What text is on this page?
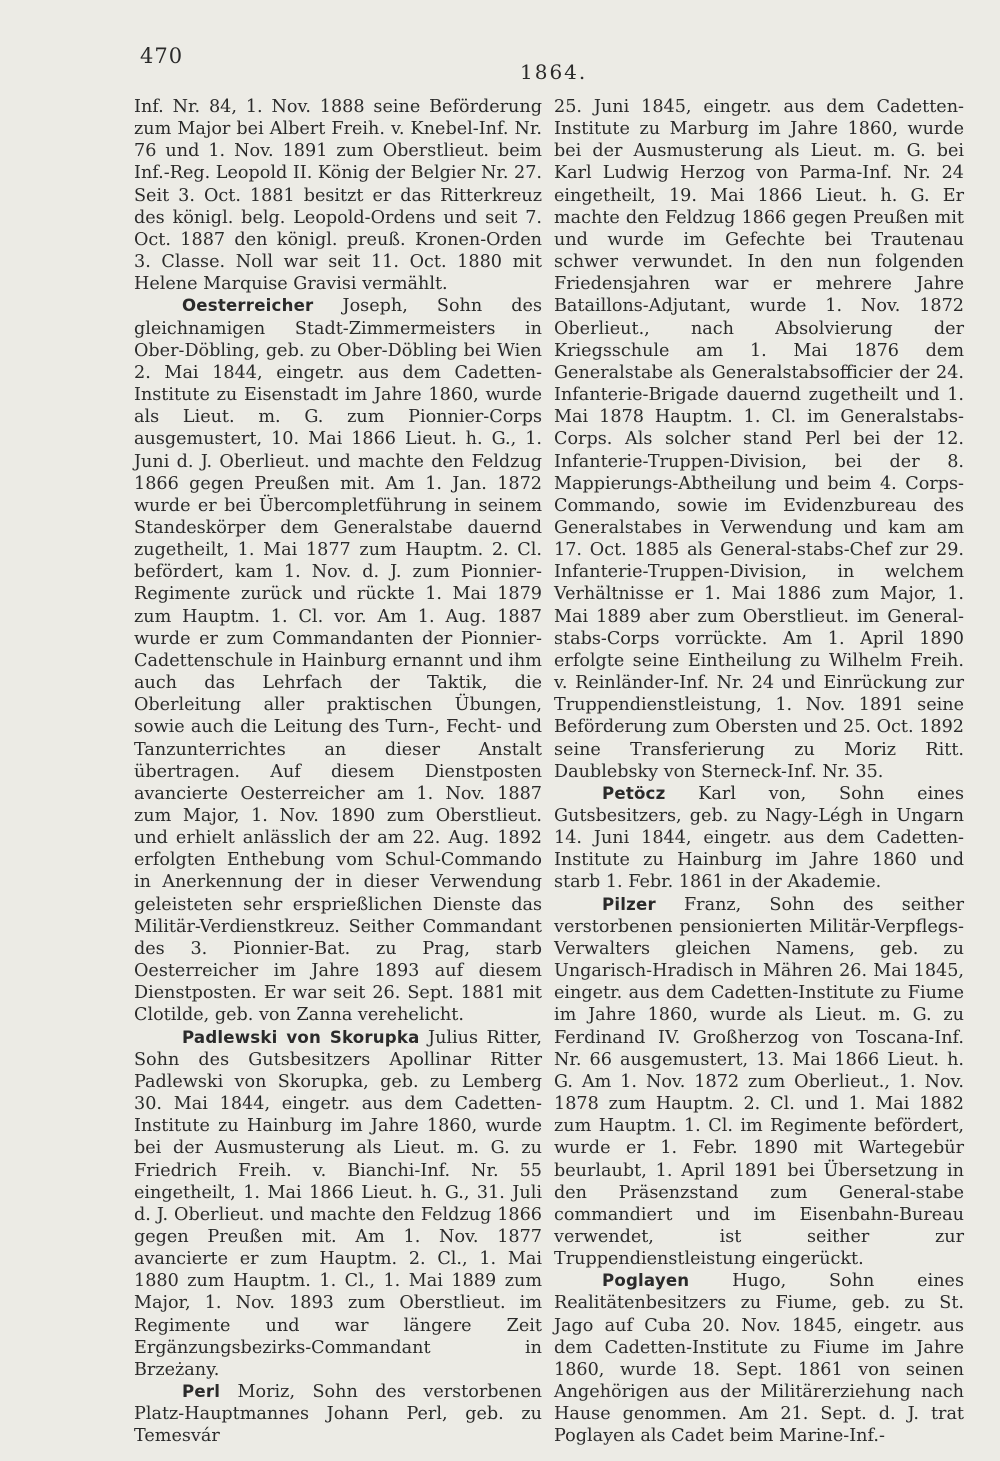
470
1864.

Inf. Nr. 84, 1. Nov. 1888 seine Beförderung zum Major bei Albert Freih. v. Knebel-Inf. Nr. 76 und 1. Nov. 1891 zum Oberstlieut. beim Inf.-Reg. Leopold II. König der Belgier Nr. 27. Seit 3. Oct. 1881 besitzt er das Ritterkreuz des königl. belg. Leopold-Ordens und seit 7. Oct. 1887 den königl. preuß. Kronen-Orden 3. Classe. Noll war seit 11. Oct. 1880 mit Helene Marquise Gravisi vermählt.

Oesterreicher Joseph, Sohn des gleichnamigen Stadt-Zimmermeisters in Ober-Döbling, geb. zu Ober-Döbling bei Wien 2. Mai 1844, eingetr. aus dem Cadetten-Institute zu Eisenstadt im Jahre 1860, wurde als Lieut. m. G. zum Pionnier-Corps ausgemustert, 10. Mai 1866 Lieut. h. G., 1. Juni d. J. Oberlieut. und machte den Feldzug 1866 gegen Preußen mit. Am 1. Jan. 1872 wurde er bei Übercompletführung in seinem Standeskörper dem Generalstabe dauernd zugetheilt, 1. Mai 1877 zum Hauptm. 2. Cl. befördert, kam 1. Nov. d. J. zum Pionnier-Regimente zurück und rückte 1. Mai 1879 zum Hauptm. 1. Cl. vor. Am 1. Aug. 1887 wurde er zum Commandanten der Pionnier-Cadettenschule in Hainburg ernannt und ihm auch das Lehrfach der Taktik, die Oberleitung aller praktischen Übungen, sowie auch die Leitung des Turn-, Fecht- und Tanzunterrichtes an dieser Anstalt übertragen. Auf diesem Dienstposten avancierte Oesterreicher am 1. Nov. 1887 zum Major, 1. Nov. 1890 zum Oberstlieut. und erhielt anlässlich der am 22. Aug. 1892 erfolgten Enthebung vom Schul-Commando in Anerkennung der in dieser Verwendung geleisteten sehr ersprießlichen Dienste das Militär-Verdienstkreuz. Seither Commandant des 3. Pionnier-Bat. zu Prag, starb Oesterreicher im Jahre 1893 auf diesem Dienstposten. Er war seit 26. Sept. 1881 mit Clotilde, geb. von Zanna verehelicht.

Padlewski von Skorupka Julius Ritter, Sohn des Gutsbesitzers Apollinar Ritter Padlewski von Skorupka, geb. zu Lemberg 30. Mai 1844, eingetr. aus dem Cadetten-Institute zu Hainburg im Jahre 1860, wurde bei der Ausmusterung als Lieut. m. G. zu Friedrich Freih. v. Bianchi-Inf. Nr. 55 eingetheilt, 1. Mai 1866 Lieut. h. G., 31. Juli d. J. Oberlieut. und machte den Feldzug 1866 gegen Preußen mit. Am 1. Nov. 1877 avancierte er zum Hauptm. 2. Cl., 1. Mai 1880 zum Hauptm. 1. Cl., 1. Mai 1889 zum Major, 1. Nov. 1893 zum Oberstlieut. im Regimente und war längere Zeit Ergänzungsbezirks-Commandant in Brzeżany.

Perl Moriz, Sohn des verstorbenen Platz-Hauptmannes Johann Perl, geb. zu Temesvár

25. Juni 1845, eingetr. aus dem Cadetten-Institute zu Marburg im Jahre 1860, wurde bei der Ausmusterung als Lieut. m. G. bei Karl Ludwig Herzog von Parma-Inf. Nr. 24 eingetheilt, 19. Mai 1866 Lieut. h. G. Er machte den Feldzug 1866 gegen Preußen mit und wurde im Gefechte bei Trautenau schwer verwundet. In den nun folgenden Friedensjahren war er mehrere Jahre Bataillons-Adjutant, wurde 1. Nov. 1872 Oberlieut., nach Absolvierung der Kriegsschule am 1. Mai 1876 dem Generalstabe als Generalstabsofficier der 24. Infanterie-Brigade dauernd zugetheilt und 1. Mai 1878 Hauptm. 1. Cl. im Generalstabs-Corps. Als solcher stand Perl bei der 12. Infanterie-Truppen-Division, bei der 8. Mappierungs-Abtheilung und beim 4. Corps-Commando, sowie im Evidenzbureau des Generalstabes in Verwendung und kam am 17. Oct. 1885 als General-stabs-Chef zur 29. Infanterie-Truppen-Division, in welchem Verhältnisse er 1. Mai 1886 zum Major, 1. Mai 1889 aber zum Oberstlieut. im General-stabs-Corps vorrückte. Am 1. April 1890 erfolgte seine Eintheilung zu Wilhelm Freih. v. Reinländer-Inf. Nr. 24 und Einrückung zur Truppendienstleistung, 1. Nov. 1891 seine Beförderung zum Obersten und 25. Oct. 1892 seine Transferierung zu Moriz Ritt. Daublebsky von Sterneck-Inf. Nr. 35.

Petöcz Karl von, Sohn eines Gutsbesitzers, geb. zu Nagy-Légh in Ungarn 14. Juni 1844, eingetr. aus dem Cadetten-Institute zu Hainburg im Jahre 1860 und starb 1. Febr. 1861 in der Akademie.

Pilzer Franz, Sohn des seither verstorbenen pensionierten Militär-Verpflegs-Verwalters gleichen Namens, geb. zu Ungarisch-Hradisch in Mähren 26. Mai 1845, eingetr. aus dem Cadetten-Institute zu Fiume im Jahre 1860, wurde als Lieut. m. G. zu Ferdinand IV. Großherzog von Toscana-Inf. Nr. 66 ausgemustert, 13. Mai 1866 Lieut. h. G. Am 1. Nov. 1872 zum Oberlieut., 1. Nov. 1878 zum Hauptm. 2. Cl. und 1. Mai 1882 zum Hauptm. 1. Cl. im Regimente befördert, wurde er 1. Febr. 1890 mit Wartegebür beurlaubt, 1. April 1891 bei Übersetzung in den Präsenzstand zum General-stabe commandiert und im Eisenbahn-Bureau verwendet, ist seither zur Truppendienstleistung eingerückt.

Poglayen Hugo, Sohn eines Realitätenbesitzers zu Fiume, geb. zu St. Jago auf Cuba 20. Nov. 1845, eingetr. aus dem Cadetten-Institute zu Fiume im Jahre 1860, wurde 18. Sept. 1861 von seinen Angehörigen aus der Militärerziehung nach Hause genommen. Am 21. Sept. d. J. trat Poglayen als Cadet beim Marine-Inf.-
